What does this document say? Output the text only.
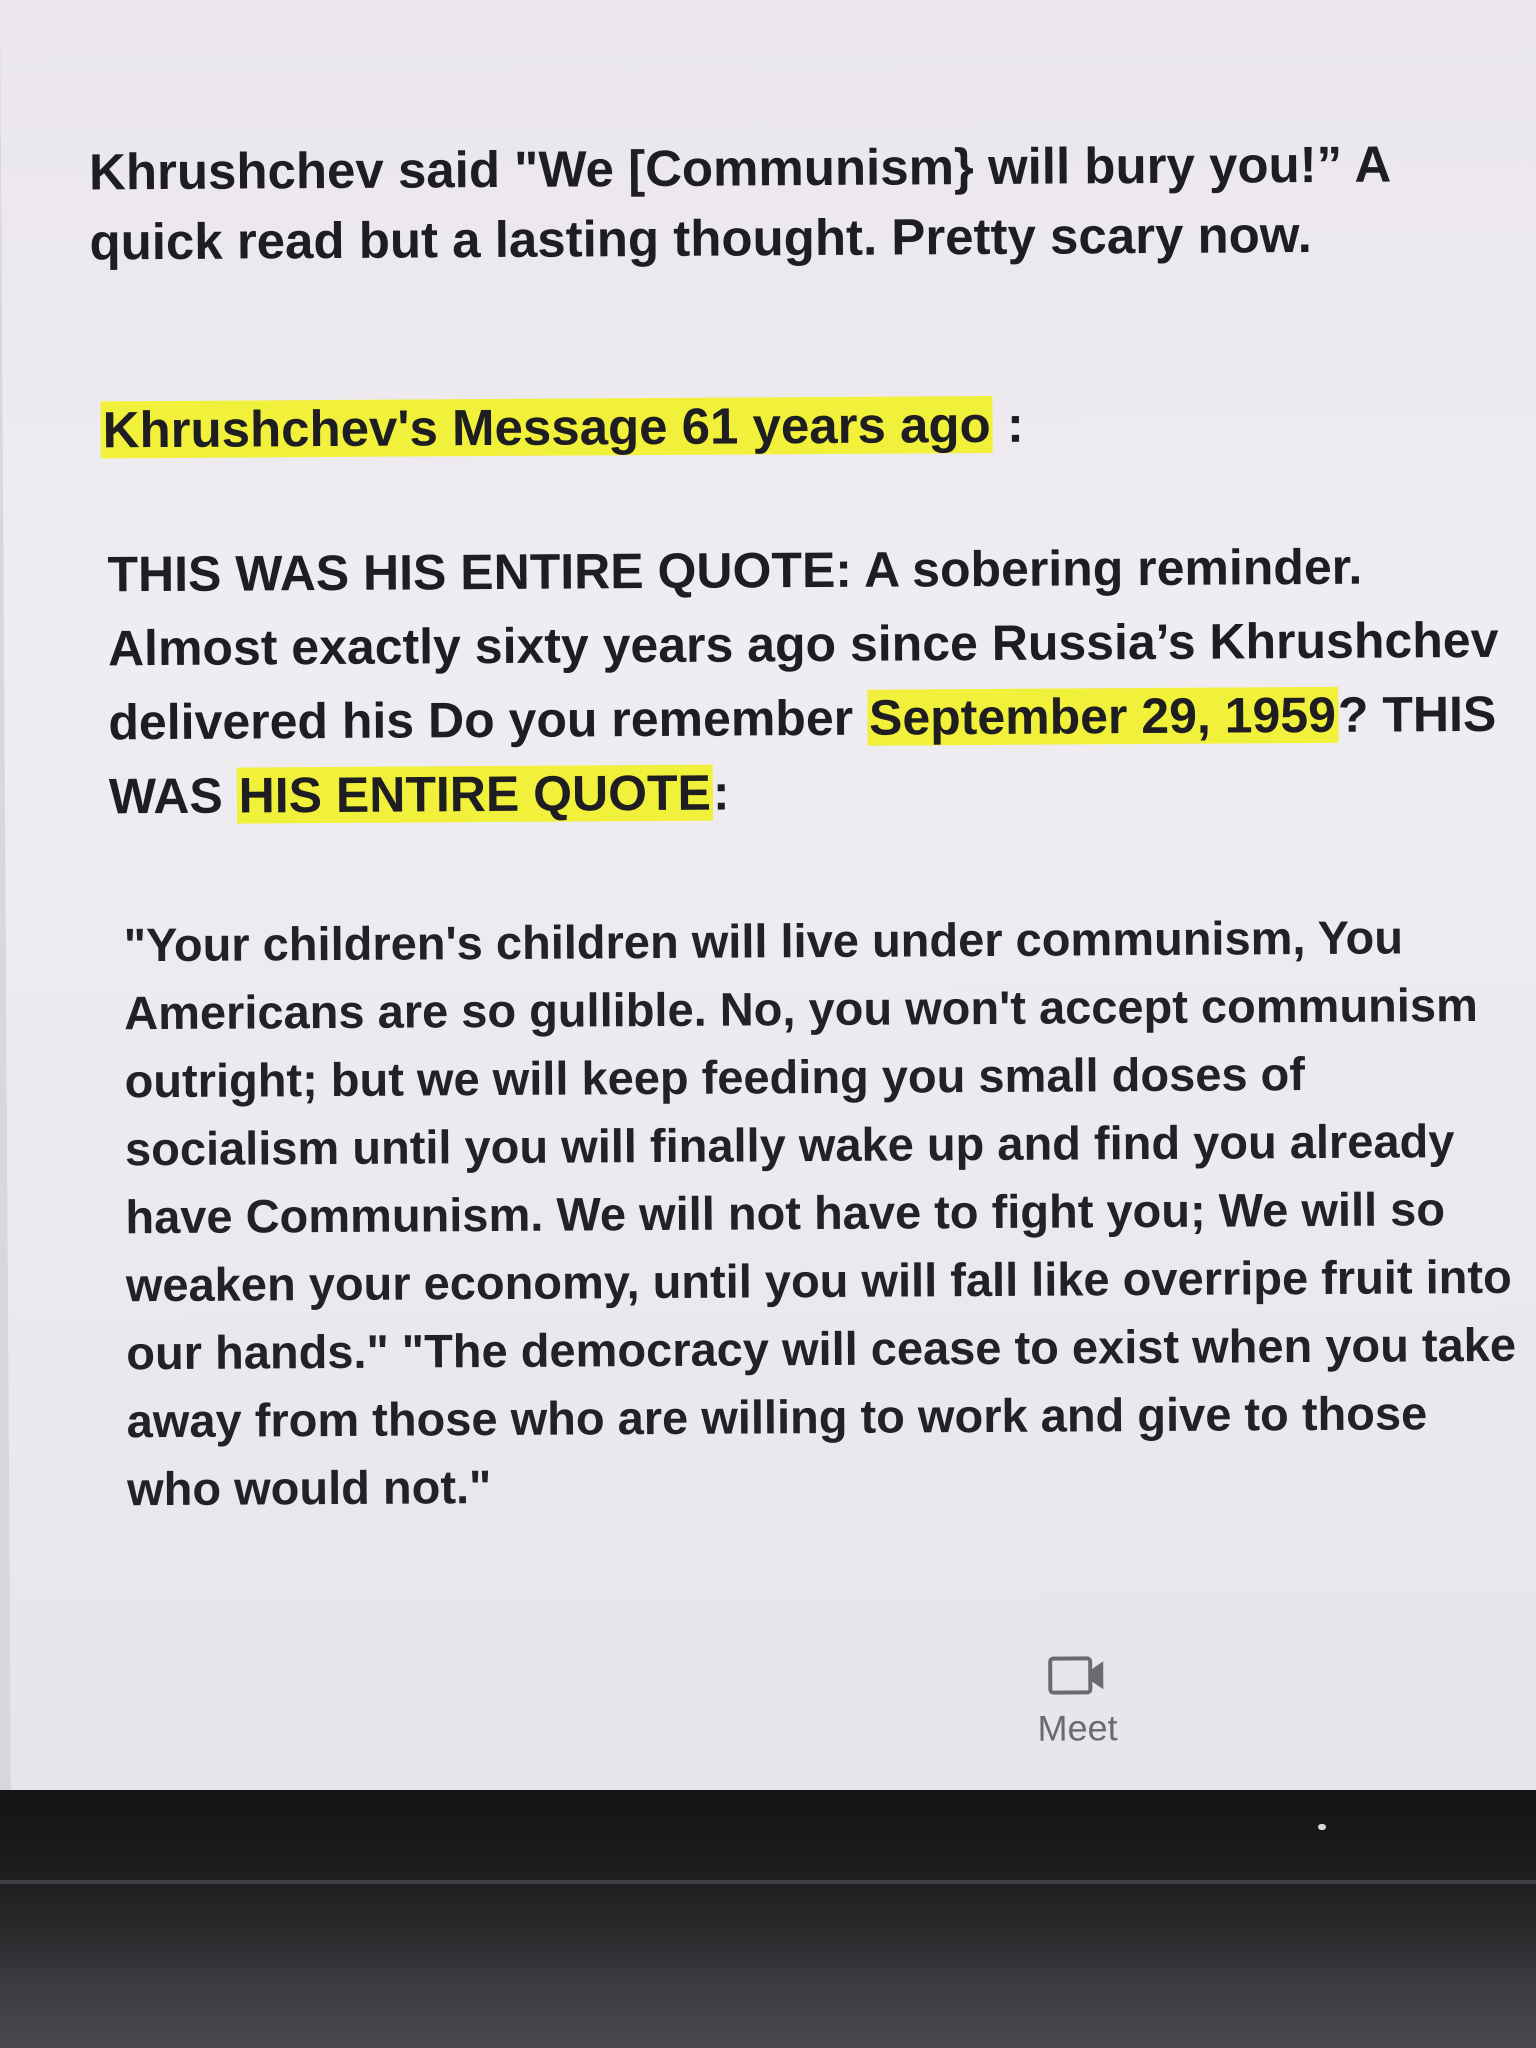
Khrushchev said "We [Communism} will bury you!” A quick read but a lasting thought. Pretty scary now.

Khrushchev's Message 61 years ago :

THIS WAS HIS ENTIRE QUOTE: A sobering reminder. Almost exactly sixty years ago since Russia’s Khrushchev delivered his Do you remember September 29, 1959? THIS WAS HIS ENTIRE QUOTE:

"Your children's children will live under communism, You Americans are so gullible. No, you won't accept communism outright; but we will keep feeding you small doses of socialism until you will finally wake up and find you already have Communism. We will not have to fight you; We will so weaken your economy, until you will fall like overripe fruit into our hands." "The democracy will cease to exist when you take away from those who are willing to work and give to those who would not."

Meet
